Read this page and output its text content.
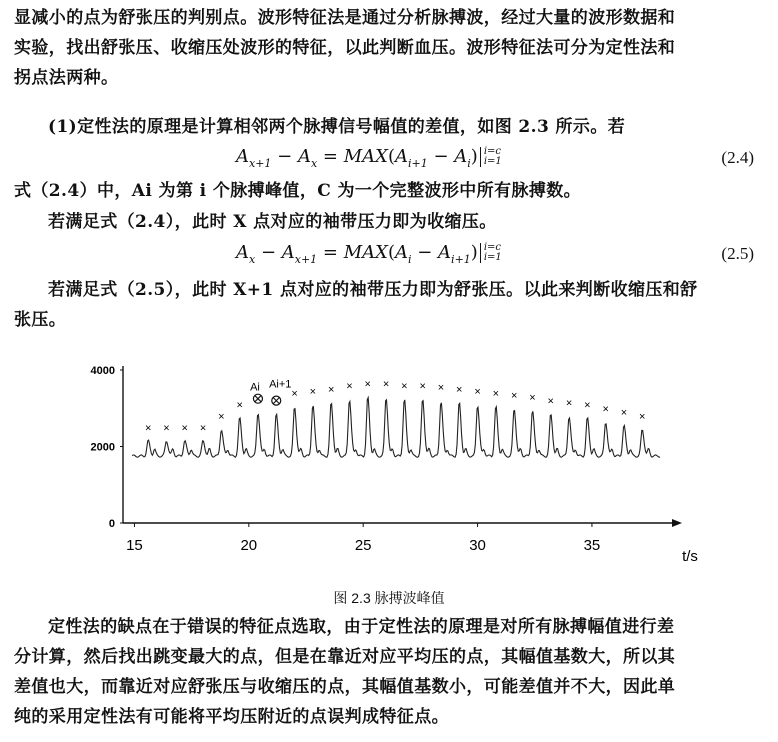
显减小的点为舒张压的判别点。波形特征法是通过分析脉搏波，经过大量的波形数据和
实验，找出舒张压、收缩压处波形的特征，以此判断血压。波形特征法可分为定性法和
拐点法两种。

(1)定性法的原理是计算相邻两个脉搏信号幅值的差值，如图 2.3 所示。若

$A_{x+1} - A_x = MAX(A_{i+1} - A_i)$ i=c
i=1	(2.4)

式（2.4）中，Ai 为第 i 个脉搏峰值，C 为一个完整波形中所有脉搏数。

若满足式（2.4），此时 X 点对应的袖带压力即为收缩压。

$A_x - A_{x+1} = MAX(A_i - A_{i+1})$ i=c
i=1	(2.5)

若满足式（2.5），此时 X+1 点对应的袖带压力即为舒张压。以此来判断收缩压和舒
张压。

0
2000
4000
15	20	25	30	35
t/s
× × × ×
×
×
× × × × × × × × × × × × × × × × × × × ×
Ai Ai+1
图 2.3 脉搏波峰值

定性法的缺点在于错误的特征点选取，由于定性法的原理是对所有脉搏幅值进行差
分计算，然后找出跳变最大的点，但是在靠近对应平均压的点，其幅值基数大，所以其
差值也大，而靠近对应舒张压与收缩压的点，其幅值基数小，可能差值并不大，因此单
纯的采用定性法有可能将平均压附近的点误判成特征点。
